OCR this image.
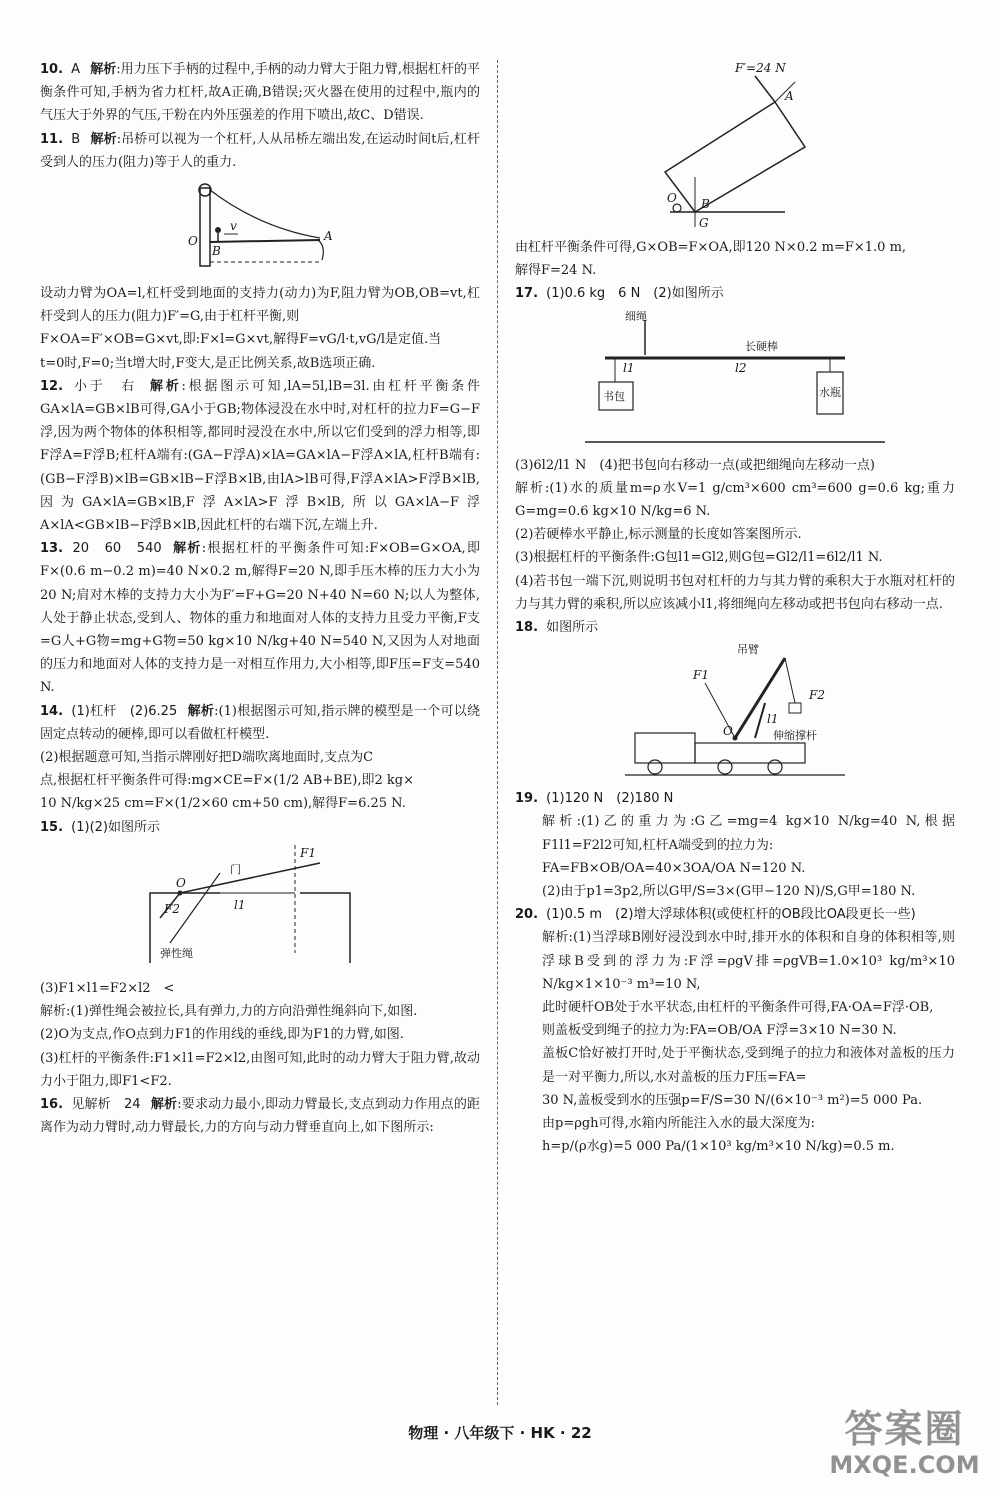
10. A 解析:用力压下手柄的过程中,手柄的动力臂大于阻力臂,根据杠杆的平衡条件可知,手柄为省力杠杆,故A正确,B错误;灭火器在使用的过程中,瓶内的气压大于外界的气压,干粉在内外压强差的作用下喷出,故C、D错误.

11. B 解析:吊桥可以视为一个杠杆,人从吊桥左端出发,在运动时间t后,杠杆受到人的压力(阻力)等于人的重力.

O	A
B
v

设动力臂为OA=l,杠杆受到地面的支持力(动力)为F,阻力臂为OB,OB=vt,杠杆受到人的压力(阻力)F′=G,由于杠杆平衡,则

F×OA=F′×OB=G×vt,即:F×l=G×vt,解得F=vG/l·t,vG/l是定值.当

t=0时,F=0;当t增大时,F变大,是正比例关系,故B选项正确.

12. 小于　右 解析:根据图示可知,lA=5l,lB=3l.由杠杆平衡条件GA×lA=GB×lB可得,GA小于GB;物体浸没在水中时,对杠杆的拉力F=G−F浮,因为两个物体的体积相等,都同时浸没在水中,所以它们受到的浮力相等,即F浮A=F浮B;杠杆A端有:(GA−F浮A)×lA=GA×lA−F浮A×lA,杠杆B端有:(GB−F浮B)×lB=GB×lB−F浮B×lB,由lA>lB可得,F浮A×lA>F浮B×lB,因为GA×lA=GB×lB,F浮A×lA>F浮B×lB,所以GA×lA−F浮A×lA<GB×lB−F浮B×lB,因此杠杆的右端下沉,左端上升.

13. 20　60　540 解析:根据杠杆的平衡条件可知:F×OB=G×OA,即F×(0.6 m−0.2 m)=40 N×0.2 m,解得F=20 N,即手压木棒的压力大小为20 N;肩对木棒的支持力大小为F′=F+G=20 N+40 N=60 N;以人为整体,人处于静止状态,受到人、物体的重力和地面对人体的支持力且受力平衡,F支=G人+G物=mg+G物=50 kg×10 N/kg+40 N=540 N,又因为人对地面的压力和地面对人体的支持力是一对相互作用力,大小相等,即F压=F支=540 N.

14. (1)杠杆　(2)6.25 解析:(1)根据图示可知,指示牌的模型是一个可以绕固定点转动的硬棒,即可以看做杠杆模型.

(2)根据题意可知,当指示牌刚好把D端吹离地面时,支点为C

点,根据杠杆平衡条件可得:mg×CE=F×(1/2 AB+BE),即2 kg×

10 N/kg×25 cm=F×(1/2×60 cm+50 cm),解得F=6.25 N.

15. (1)(2)如图所示

F1
O
门
F2	l1
弹性绳

(3)F1×l1=F2×l2　<

解析:(1)弹性绳会被拉长,具有弹力,力的方向沿弹性绳斜向下,如图.

(2)O为支点,作O点到力F1的作用线的垂线,即为F1的力臂,如图.

(3)杠杆的平衡条件:F1×l1=F2×l2,由图可知,此时的动力臂大于阻力臂,故动力小于阻力,即F1<F2.

16. 见解析　24 解析:要求动力最小,即动力臂最长,支点到动力作用点的距离作为动力臂时,动力臂最长,力的方向与动力臂垂直向上,如下图所示:

F′=24 N
A
O B
G

由杠杆平衡条件可得,G×OB=F×OA,即120 N×0.2 m=F×1.0 m,

解得F=24 N.

17. (1)0.6 kg　6 N　(2)如图所示

细绳
长硬棒
l1	l2
书包	水瓶

(3)6l2/l1 N　(4)把书包向右移动一点(或把细绳向左移动一点)

解析:(1)水的质量m=ρ水V=1 g/cm³×600 cm³=600 g=0.6 kg;重力G=mg=0.6 kg×10 N/kg=6 N.

(2)若硬棒水平静止,标示测量的长度如答案图所示.

(3)根据杠杆的平衡条件:G包l1=Gl2,则G包=Gl2/l1=6l2/l1 N.

(4)若书包一端下沉,则说明书包对杠杆的力与其力臂的乘积大于水瓶对杠杆的力与其力臂的乘积,所以应该减小l1,将细绳向左移动或把书包向右移动一点.

18. 如图所示

吊臂
F1
F2
O
l1
伸缩撑杆

19. (1)120 N　(2)180 N

解析:(1)乙的重力为:G乙=mg=4 kg×10 N/kg=40 N,根据F1l1=F2l2可知,杠杆A端受到的拉力为:

FA=FB×OB/OA=40×3OA/OA N=120 N.

(2)由于p1=3p2,所以G甲/S=3×(G甲−120 N)/S,G甲=180 N.

20. (1)0.5 m　(2)增大浮球体积(或使杠杆的OB段比OA段更长一些)

解析:(1)当浮球B刚好浸没到水中时,排开水的体积和自身的体积相等,则浮球B受到的浮力为:F浮=ρgV排=ρgVB=1.0×10³ kg/m³×10 N/kg×1×10⁻³ m³=10 N,

此时硬杆OB处于水平状态,由杠杆的平衡条件可得,FA·OA=F浮·OB,

则盖板受到绳子的拉力为:FA=OB/OA F浮=3×10 N=30 N.

盖板C恰好被打开时,处于平衡状态,受到绳子的拉力和液体对盖板的压力是一对平衡力,所以,水对盖板的压力F压=FA=

30 N,盖板受到水的压强p=F/S=30 N/(6×10⁻³ m²)=5 000 Pa.

由p=ρgh可得,水箱内所能注入水的最大深度为:

h=p/(ρ水g)=5 000 Pa/(1×10³ kg/m³×10 N/kg)=0.5 m.

物理 · 八年级下 · HK · 22	答案圈
MXQE.COM
